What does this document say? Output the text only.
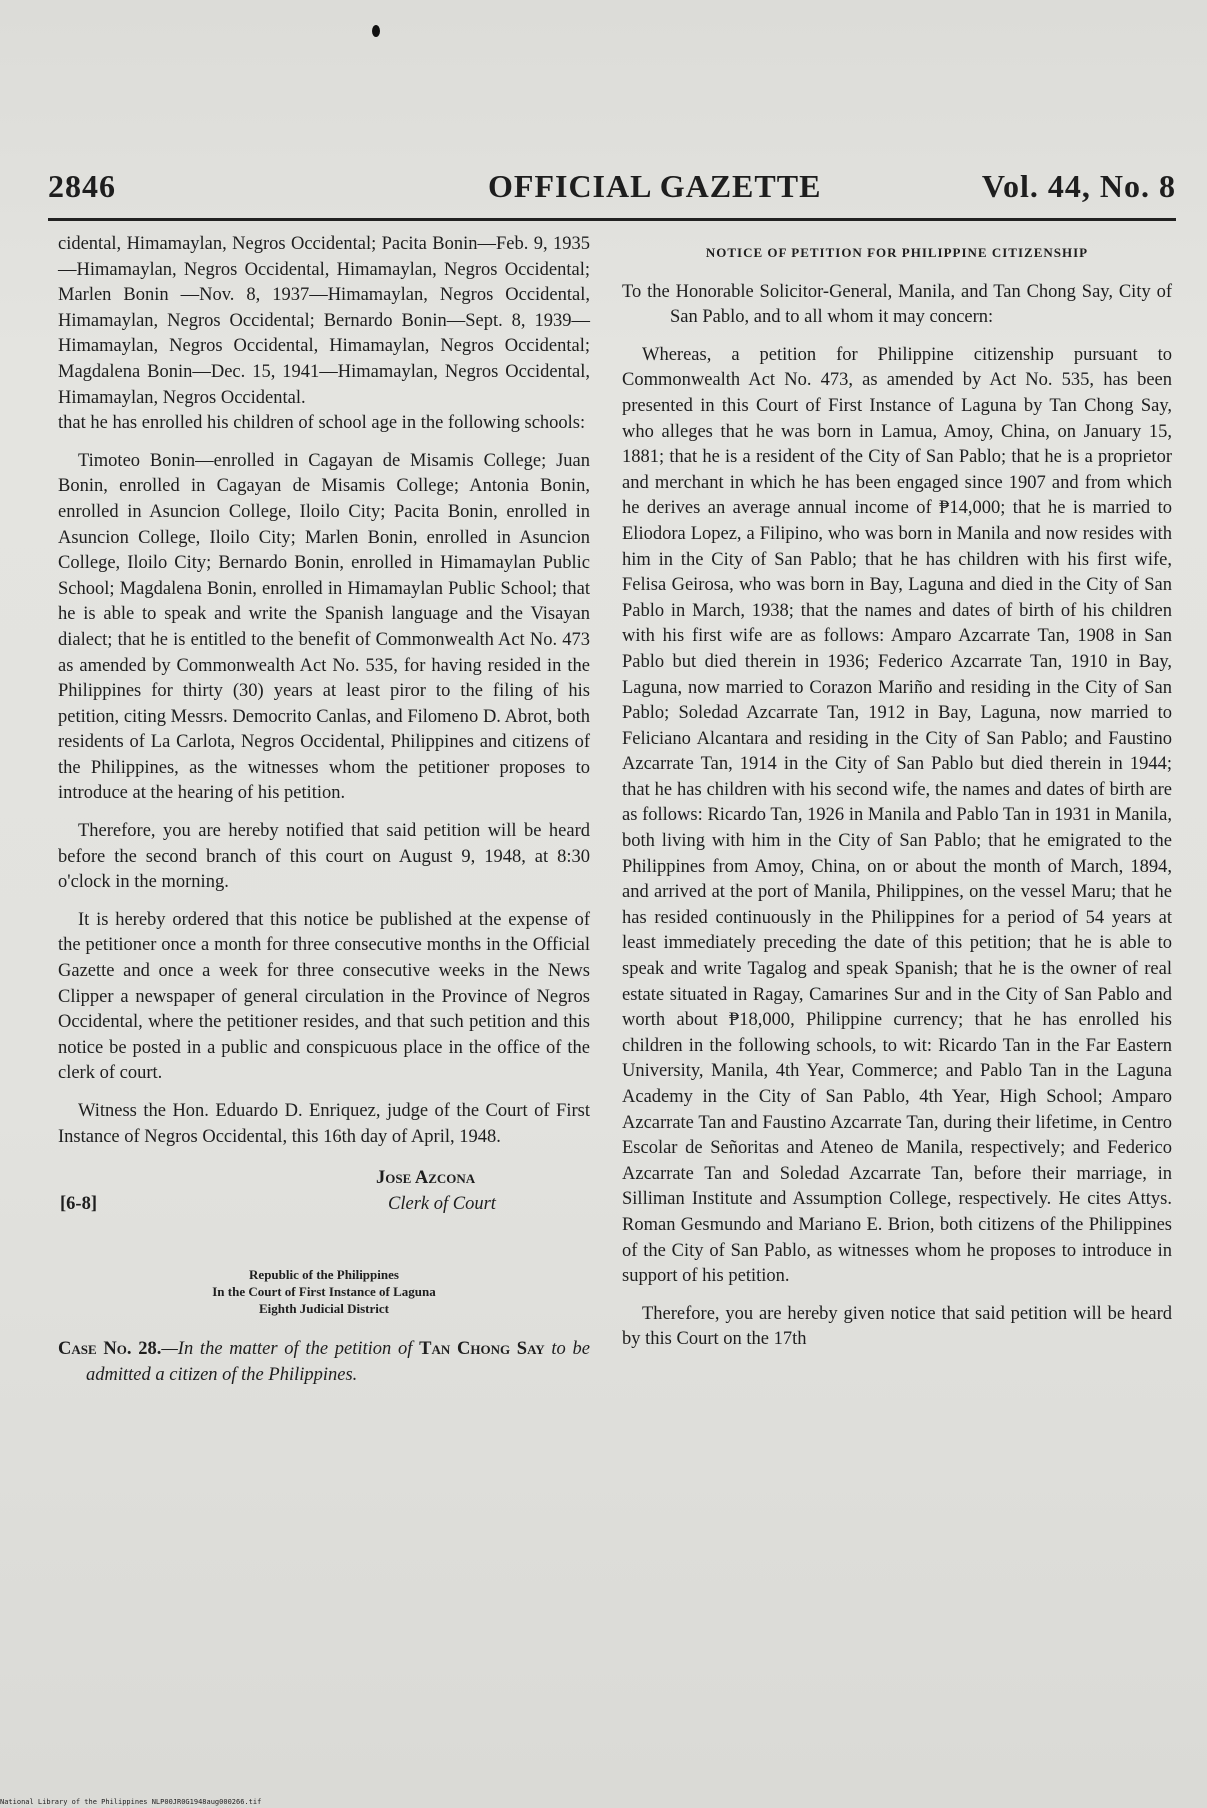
2846	OFFICIAL GAZETTE	Vol. 44, No. 8

cidental, Himamaylan, Negros Occidental; Pacita Bonin—Feb. 9, 1935—Himamaylan, Negros Occidental, Himamaylan, Negros Occidental; Marlen Bonin —Nov. 8, 1937—Himamaylan, Negros Occidental, Himamaylan, Negros Occidental; Bernardo Bonin—Sept. 8, 1939—Himamaylan, Negros Occidental, Himamaylan, Negros Occidental; Magdalena Bonin—Dec. 15, 1941—Himamaylan, Negros Occidental, Himamaylan, Negros Occidental.

that he has enrolled his children of school age in the following schools:

Timoteo Bonin—enrolled in Cagayan de Misamis College; Juan Bonin, enrolled in Cagayan de Misamis College; Antonia Bonin, enrolled in Asuncion College, Iloilo City; Pacita Bonin, enrolled in Asuncion College, Iloilo City; Marlen Bonin, enrolled in Asuncion College, Iloilo City; Bernardo Bonin, enrolled in Himamaylan Public School; Magdalena Bonin, enrolled in Himamaylan Public School; that he is able to speak and write the Spanish language and the Visayan dialect; that he is entitled to the benefit of Commonwealth Act No. 473 as amended by Commonwealth Act No. 535, for having resided in the Philippines for thirty (30) years at least piror to the filing of his petition, citing Messrs. Democrito Canlas, and Filomeno D. Abrot, both residents of La Carlota, Negros Occidental, Philippines and citizens of the Philippines, as the witnesses whom the petitioner proposes to introduce at the hearing of his petition.

Therefore, you are hereby notified that said petition will be heard before the second branch of this court on August 9, 1948, at 8:30 o'clock in the morning.

It is hereby ordered that this notice be published at the expense of the petitioner once a month for three consecutive months in the Official Gazette and once a week for three consecutive weeks in the News Clipper a newspaper of general circulation in the Province of Negros Occidental, where the petitioner resides, and that such petition and this notice be posted in a public and conspicuous place in the office of the clerk of court.

Witness the Hon. Eduardo D. Enriquez, judge of the Court of First Instance of Negros Occidental, this 16th day of April, 1948.

Jose Azcona
[6-8]	Clerk of Court
Republic of the Philippines
In the Court of First Instance of Laguna
Eighth Judicial District

Case No. 28.—In the matter of the petition of Tan Chong Say to be admitted a citizen of the Philippines.

NOTICE OF PETITION FOR PHILIPPINE CITIZENSHIP

To the Honorable Solicitor-General, Manila, and Tan Chong Say, City of San Pablo, and to all whom it may concern:

Whereas, a petition for Philippine citizenship pursuant to Commonwealth Act No. 473, as amended by Act No. 535, has been presented in this Court of First Instance of Laguna by Tan Chong Say, who alleges that he was born in Lamua, Amoy, China, on January 15, 1881; that he is a resident of the City of San Pablo; that he is a proprietor and merchant in which he has been engaged since 1907 and from which he derives an average annual income of ₱14,000; that he is married to Eliodora Lopez, a Filipino, who was born in Manila and now resides with him in the City of San Pablo; that he has children with his first wife, Felisa Geirosa, who was born in Bay, Laguna and died in the City of San Pablo in March, 1938; that the names and dates of birth of his children with his first wife are as follows: Amparo Azcarrate Tan, 1908 in San Pablo but died therein in 1936; Federico Azcarrate Tan, 1910 in Bay, Laguna, now married to Corazon Mariño and residing in the City of San Pablo; Soledad Azcarrate Tan, 1912 in Bay, Laguna, now married to Feliciano Alcantara and residing in the City of San Pablo; and Faustino Azcarrate Tan, 1914 in the City of San Pablo but died therein in 1944; that he has children with his second wife, the names and dates of birth are as follows: Ricardo Tan, 1926 in Manila and Pablo Tan in 1931 in Manila, both living with him in the City of San Pablo; that he emigrated to the Philippines from Amoy, China, on or about the month of March, 1894, and arrived at the port of Manila, Philippines, on the vessel Maru; that he has resided continuously in the Philippines for a period of 54 years at least immediately preceding the date of this petition; that he is able to speak and write Tagalog and speak Spanish; that he is the owner of real estate situated in Ragay, Camarines Sur and in the City of San Pablo and worth about ₱18,000, Philippine currency; that he has enrolled his children in the following schools, to wit: Ricardo Tan in the Far Eastern University, Manila, 4th Year, Commerce; and Pablo Tan in the Laguna Academy in the City of San Pablo, 4th Year, High School; Amparo Azcarrate Tan and Faustino Azcarrate Tan, during their lifetime, in Centro Escolar de Señoritas and Ateneo de Manila, respectively; and Federico Azcarrate Tan and Soledad Azcarrate Tan, before their marriage, in Silliman Institute and Assumption College, respectively. He cites Attys. Roman Gesmundo and Mariano E. Brion, both citizens of the Philippines of the City of San Pablo, as witnesses whom he proposes to introduce in support of his petition.

Therefore, you are hereby given notice that said petition will be heard by this Court on the 17th

National Library of the Philippines NLP00JR0G1948aug000266.tif
